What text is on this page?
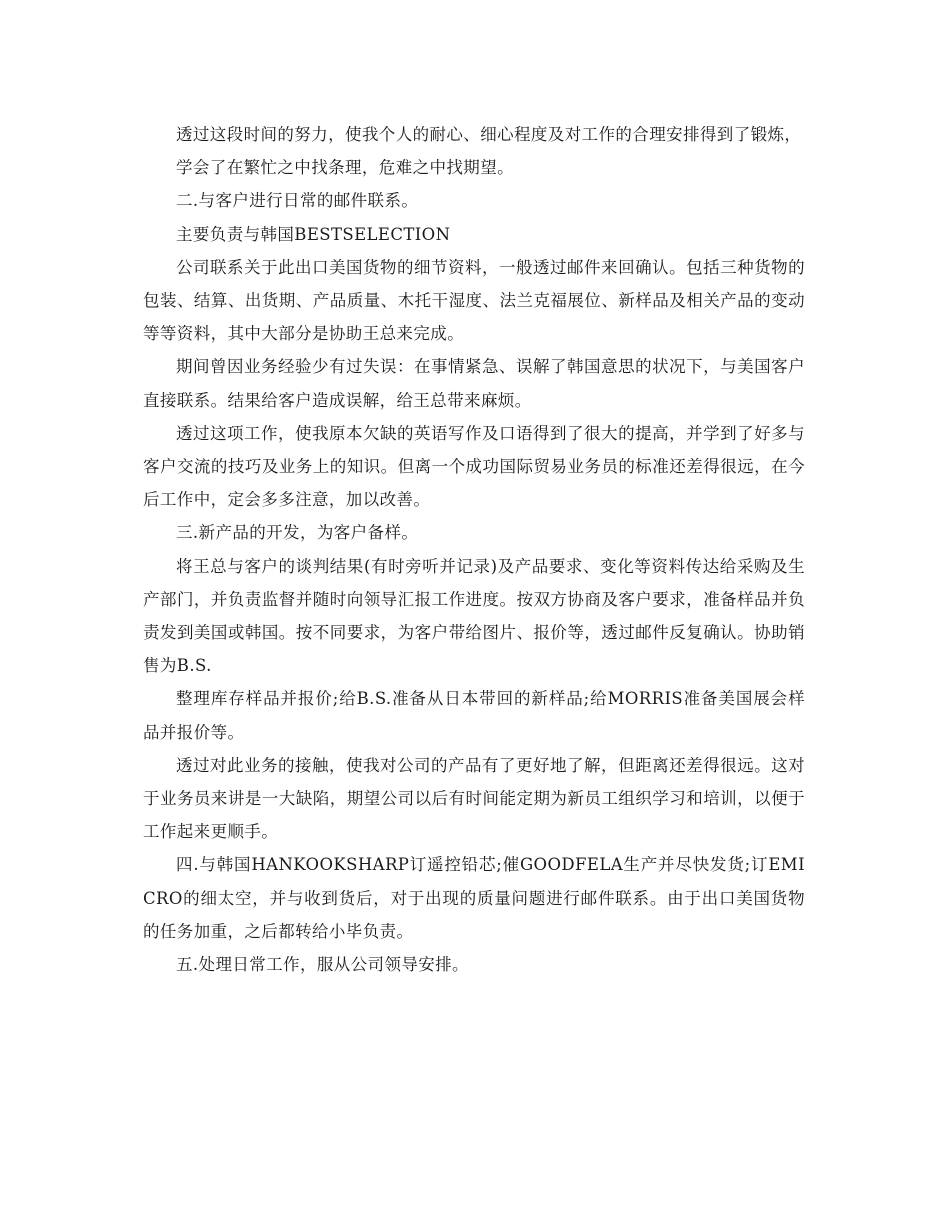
透过这段时间的努力，使我个人的耐心、细心程度及对工作的合理安排得到了锻炼，

学会了在繁忙之中找条理，危难之中找期望。

二.与客户进行日常的邮件联系。

主要负责与韩国BESTSELECTION

公司联系关于此出口美国货物的细节资料，一般透过邮件来回确认。包括三种货物的包装、结算、出货期、产品质量、木托干湿度、法兰克福展位、新样品及相关产品的变动等等资料，其中大部分是协助王总来完成。

期间曾因业务经验少有过失误：在事情紧急、误解了韩国意思的状况下，与美国客户直接联系。结果给客户造成误解，给王总带来麻烦。

透过这项工作，使我原本欠缺的英语写作及口语得到了很大的提高，并学到了好多与客户交流的技巧及业务上的知识。但离一个成功国际贸易业务员的标准还差得很远，在今后工作中，定会多多注意，加以改善。

三.新产品的开发，为客户备样。

将王总与客户的谈判结果(有时旁听并记录)及产品要求、变化等资料传达给采购及生产部门，并负责监督并随时向领导汇报工作进度。按双方协商及客户要求，准备样品并负责发到美国或韩国。按不同要求，为客户带给图片、报价等，透过邮件反复确认。协助销售为B.S.

整理库存样品并报价;给B.S.准备从日本带回的新样品;给MORRIS准备美国展会样品并报价等。

透过对此业务的接触，使我对公司的产品有了更好地了解，但距离还差得很远。这对于业务员来讲是一大缺陷，期望公司以后有时间能定期为新员工组织学习和培训，以便于工作起来更顺手。

四.与韩国HANKOOKSHARP订遥控铅芯;催GOODFELA生产并尽快发货;订EMICRO的细太空，并与收到货后，对于出现的质量问题进行邮件联系。由于出口美国货物的任务加重，之后都转给小毕负责。

五.处理日常工作，服从公司领导安排。
